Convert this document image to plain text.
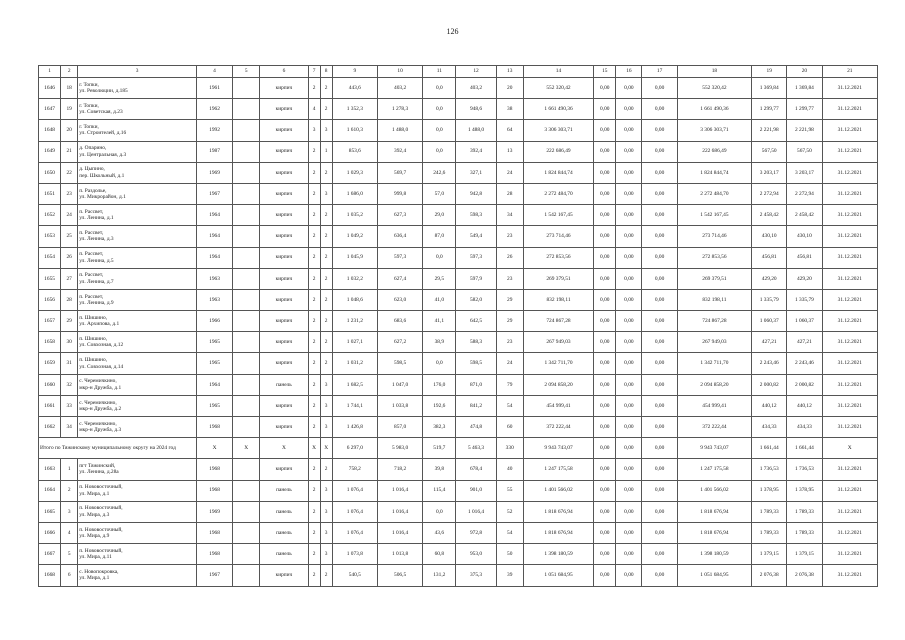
126
1	2	3	4	5	6	7	8	9	10	11	12	13	14	15	16	17	18	19	20	21
1646	18	г. Топки,
ул. Революции, д.185	1961		кирпич	2	2	443,6	403,2	0,0	403,2	20	552 320,42	0,00	0,00	0,00	552 320,42	1 369,84	1 369,84	31.12.2021
1647	19	г. Топки,
ул. Советская, д.23	1962		кирпич	4	2	1 352,3	1 278,3	0,0	948,6	38	1 661 490,36	0,00	0,00	0,00	1 661 490,36	1 299,77	1 299,77	31.12.2021
1648	20	г. Топки,
ул. Строителей, д.16	1992		кирпич	3	3	1 610,3	1 488,0	0,0	1 488,0	64	3 306 303,71	0,00	0,00	0,00	3 306 303,71	2 221,98	2 221,98	31.12.2021
1649	21	д. Опарино,
ул. Центральная, д.3	1987		кирпич	2	1	853,6	392,4	0,0	392,4	13	222 686,49	0,00	0,00	0,00	222 686,49	567,50	567,50	31.12.2021
1650	22	д. Цыпино,
пер. Школьный, д.1	1969		кирпич	2	2	1 029,3	569,7	242,6	327,1	24	1 824 844,74	0,00	0,00	0,00	1 824 844,74	3 203,17	3 203,17	31.12.2021
1651	23	п. Раздолье,
ул. Микрорайон, д.1	1967		кирпич	2	3	1 686,0	999,8	57,0	942,8	28	2 272 484,70	0,00	0,00	0,00	2 272 484,70	2 272,94	2 272,94	31.12.2021
1652	24	п. Рассвет,
ул. Ленина, д.1	1964		кирпич	2	2	1 035,2	627,3	29,0	598,3	34	1 542 167,45	0,00	0,00	0,00	1 542 167,45	2 458,42	2 458,42	31.12.2021
1653	25	п. Рассвет,
ул. Ленина, д.3	1964		кирпич	2	2	1 049,2	636,4	87,0	549,4	23	273 714,46	0,00	0,00	0,00	273 714,46	430,10	430,10	31.12.2021
1654	26	п. Рассвет,
ул. Ленина, д.5	1964		кирпич	2	2	1 045,9	597,3	0,0	597,3	26	272 853,56	0,00	0,00	0,00	272 853,56	456,81	456,81	31.12.2021
1655	27	п. Рассвет,
ул. Ленина, д.7	1963		кирпич	2	2	1 032,2	627,4	29,5	597,9	23	269 379,51	0,00	0,00	0,00	269 379,51	429,20	429,20	31.12.2021
1656	28	п. Рассвет,
ул. Ленина, д.9	1963		кирпич	2	2	1 048,6	623,0	41,0	582,0	29	832 198,11	0,00	0,00	0,00	832 198,11	1 335,79	1 335,79	31.12.2021
1657	29	п. Шишино,
ул. Архипова, д.1	1966		кирпич	2	2	1 231,2	683,6	41,1	642,5	29	724 867,28	0,00	0,00	0,00	724 867,28	1 060,37	1 060,37	31.12.2021
1658	30	п. Шишино,
ул. Совхозная, д.12	1965		кирпич	2	2	1 027,1	627,2	38,9	588,3	23	267 949,03	0,00	0,00	0,00	267 949,03	427,21	427,21	31.12.2021
1659	31	п. Шишино,
ул. Совхозная, д.14	1965		кирпич	2	2	1 031,2	598,5	0,0	598,5	24	1 342 711,70	0,00	0,00	0,00	1 342 711,70	2 243,46	2 243,46	31.12.2021
1660	32	с. Черемичкино,
мкр-н Дружба, д.1	1964		панель	2	3	1 682,5	1 047,0	176,0	871,0	79	2 094 858,20	0,00	0,00	0,00	2 094 858,20	2 000,82	2 000,82	31.12.2021
1661	33	с. Черемичкино,
мкр-н Дружба, д.2	1965		кирпич	2	3	1 744,1	1 033,8	192,6	841,2	54	454 999,41	0,00	0,00	0,00	454 999,41	440,12	440,12	31.12.2021
1662	34	с. Черемичкино,
мкр-н Дружба, д.3	1968		кирпич	2	3	1 426,8	857,0	382,3	474,8	60	372 222,44	0,00	0,00	0,00	372 222,44	434,33	434,33	31.12.2021
Итого по Тяжинскому муниципальному округу на 2024 год			X	X	X	X	X	6 297,0	5 983,0	519,7	5 463,3	330	9 943 743,07	0,00	0,00	0,00	9 943 743,07	1 661,44	1 661,44	X
1663	1	пгт Тяжинский,
ул. Ленина, д.28а	1968		кирпич	2	2	758,2	718,2	39,8	678,4	40	1 247 175,58	0,00	0,00	0,00	1 247 175,58	1 736,53	1 736,53	31.12.2021
1664	2	п. Нововосточный,
ул. Мира, д.1	1968		панель	2	3	1 076,4	1 016,4	115,4	901,0	55	1 401 566,02	0,00	0,00	0,00	1 401 566,02	1 378,95	1 378,95	31.12.2021
1665	3	п. Нововосточный,
ул. Мира, д.3	1969		панель	2	3	1 076,4	1 016,4	0,0	1 016,4	52	1 818 676,94	0,00	0,00	0,00	1 818 676,94	1 789,33	1 789,33	31.12.2021
1666	4	п. Нововосточный,
ул. Мира, д.9	1968		панель	2	3	1 076,4	1 016,4	43,6	972,8	54	1 818 676,94	0,00	0,00	0,00	1 818 676,94	1 789,33	1 789,33	31.12.2021
1667	5	п. Нововосточный,
ул. Мира, д.11	1968		панель	2	3	1 073,8	1 013,8	60,8	953,0	50	1 398 180,59	0,00	0,00	0,00	1 398 180,59	1 379,15	1 379,15	31.12.2021
1668	6	с. Новопокровка,
ул. Мира, д.1	1967		кирпич	2	2	540,5	506,5	131,2	375,3	39	1 051 684,95	0,00	0,00	0,00	1 051 684,95	2 076,38	2 076,38	31.12.2021
